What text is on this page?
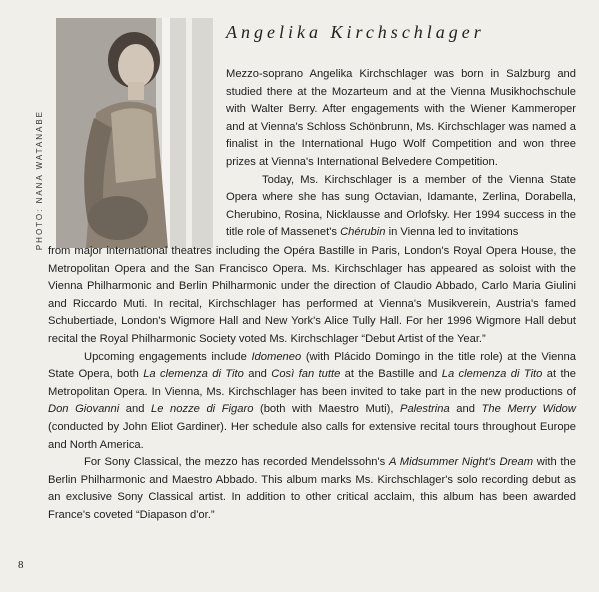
PHOTO: NANA WATANABE
Angelika Kirchschlager

Mezzo-soprano Angelika Kirchschlager was born in Salzburg and studied there at the Mozarteum and at the Vienna Musikhochschule with Walter Berry. After engagements with the Wiener Kammeroper and at Vienna's Schloss Schönbrunn, Ms. Kirchschlager was named a finalist in the International Hugo Wolf Competition and won three prizes at Vienna's International Belvedere Competition.

Today, Ms. Kirchschlager is a member of the Vienna State Opera where she has sung Octavian, Idamante, Zerlina, Dorabella, Cherubino, Rosina, Nicklausse and Orlofsky. Her 1994 success in the title role of Massenet's Chérubin in Vienna led to invitations

from major international theatres including the Opéra Bastille in Paris, London's Royal Opera House, the Metropolitan Opera and the San Francisco Opera. Ms. Kirchschlager has appeared as soloist with the Vienna Philharmonic and Berlin Philharmonic under the direction of Claudio Abbado, Carlo Maria Giulini and Riccardo Muti. In recital, Kirchschlager has performed at Vienna's Musikverein, Austria's famed Schubertiade, London's Wigmore Hall and New York's Alice Tully Hall. For her 1996 Wigmore Hall debut recital the Royal Philharmonic Society voted Ms. Kirchschlager “Debut Artist of the Year.”

Upcoming engagements include Idomeneo (with Plácido Domingo in the title role) at the Vienna State Opera, both La clemenza di Tito and Così fan tutte at the Bastille and La clemenza di Tito at the Metropolitan Opera. In Vienna, Ms. Kirchschlager has been invited to take part in the new productions of Don Giovanni and Le nozze di Figaro (both with Maestro Muti), Palestrina and The Merry Widow (conducted by John Eliot Gardiner). Her schedule also calls for extensive recital tours throughout Europe and North America.

For Sony Classical, the mezzo has recorded Mendelssohn's A Midsummer Night's Dream with the Berlin Philharmonic and Maestro Abbado. This album marks Ms. Kirchschlager's solo recording debut as an exclusive Sony Classical artist. In addition to other critical acclaim, this album has been awarded France's coveted “Diapason d'or.”

8
